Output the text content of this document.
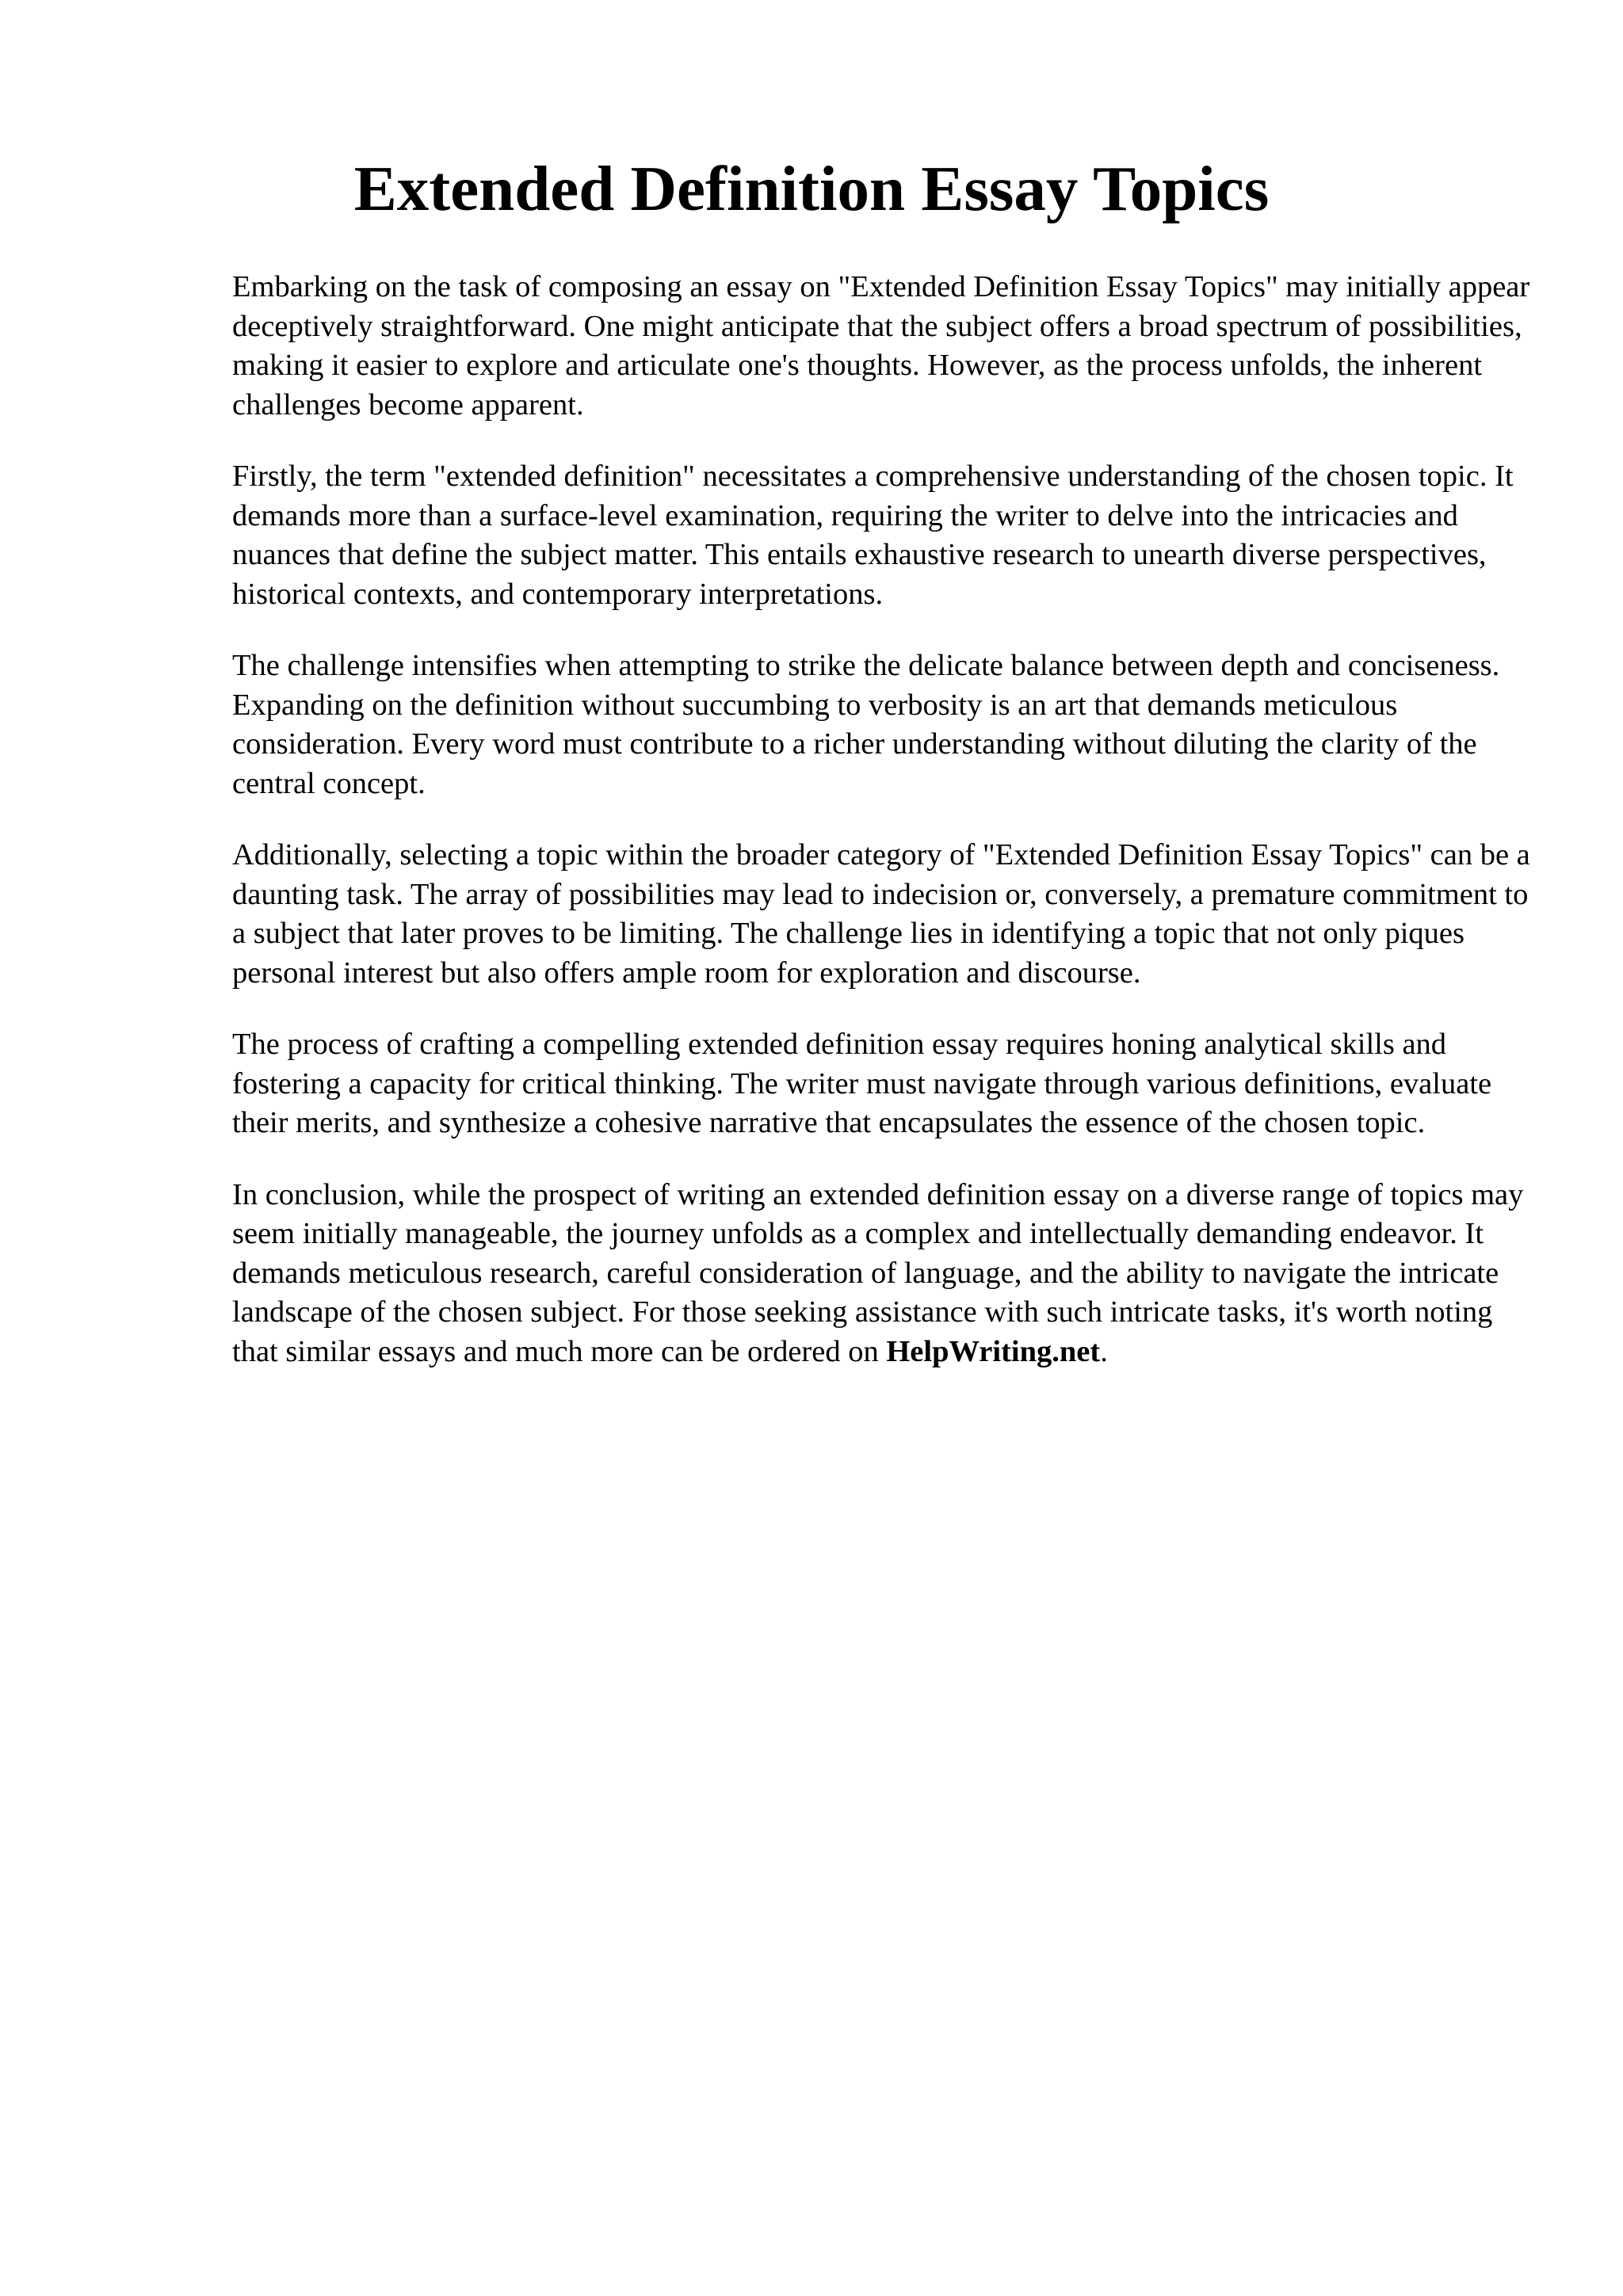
Extended Definition Essay Topics

Embarking on the task of composing an essay on "Extended Definition Essay Topics" may initially appear deceptively straightforward. One might anticipate that the subject offers a broad spectrum of possibilities, making it easier to explore and articulate one's thoughts. However, as the process unfolds, the inherent challenges become apparent.

Firstly, the term "extended definition" necessitates a comprehensive understanding of the chosen topic. It demands more than a surface-level examination, requiring the writer to delve into the intricacies and nuances that define the subject matter. This entails exhaustive research to unearth diverse perspectives, historical contexts, and contemporary interpretations.

The challenge intensifies when attempting to strike the delicate balance between depth and conciseness. Expanding on the definition without succumbing to verbosity is an art that demands meticulous consideration. Every word must contribute to a richer understanding without diluting the clarity of the central concept.

Additionally, selecting a topic within the broader category of "Extended Definition Essay Topics" can be a daunting task. The array of possibilities may lead to indecision or, conversely, a premature commitment to a subject that later proves to be limiting. The challenge lies in identifying a topic that not only piques personal interest but also offers ample room for exploration and discourse.

The process of crafting a compelling extended definition essay requires honing analytical skills and fostering a capacity for critical thinking. The writer must navigate through various definitions, evaluate their merits, and synthesize a cohesive narrative that encapsulates the essence of the chosen topic.

In conclusion, while the prospect of writing an extended definition essay on a diverse range of topics may seem initially manageable, the journey unfolds as a complex and intellectually demanding endeavor. It demands meticulous research, careful consideration of language, and the ability to navigate the intricate landscape of the chosen subject. For those seeking assistance with such intricate tasks, it's worth noting that similar essays and much more can be ordered on HelpWriting.net.
